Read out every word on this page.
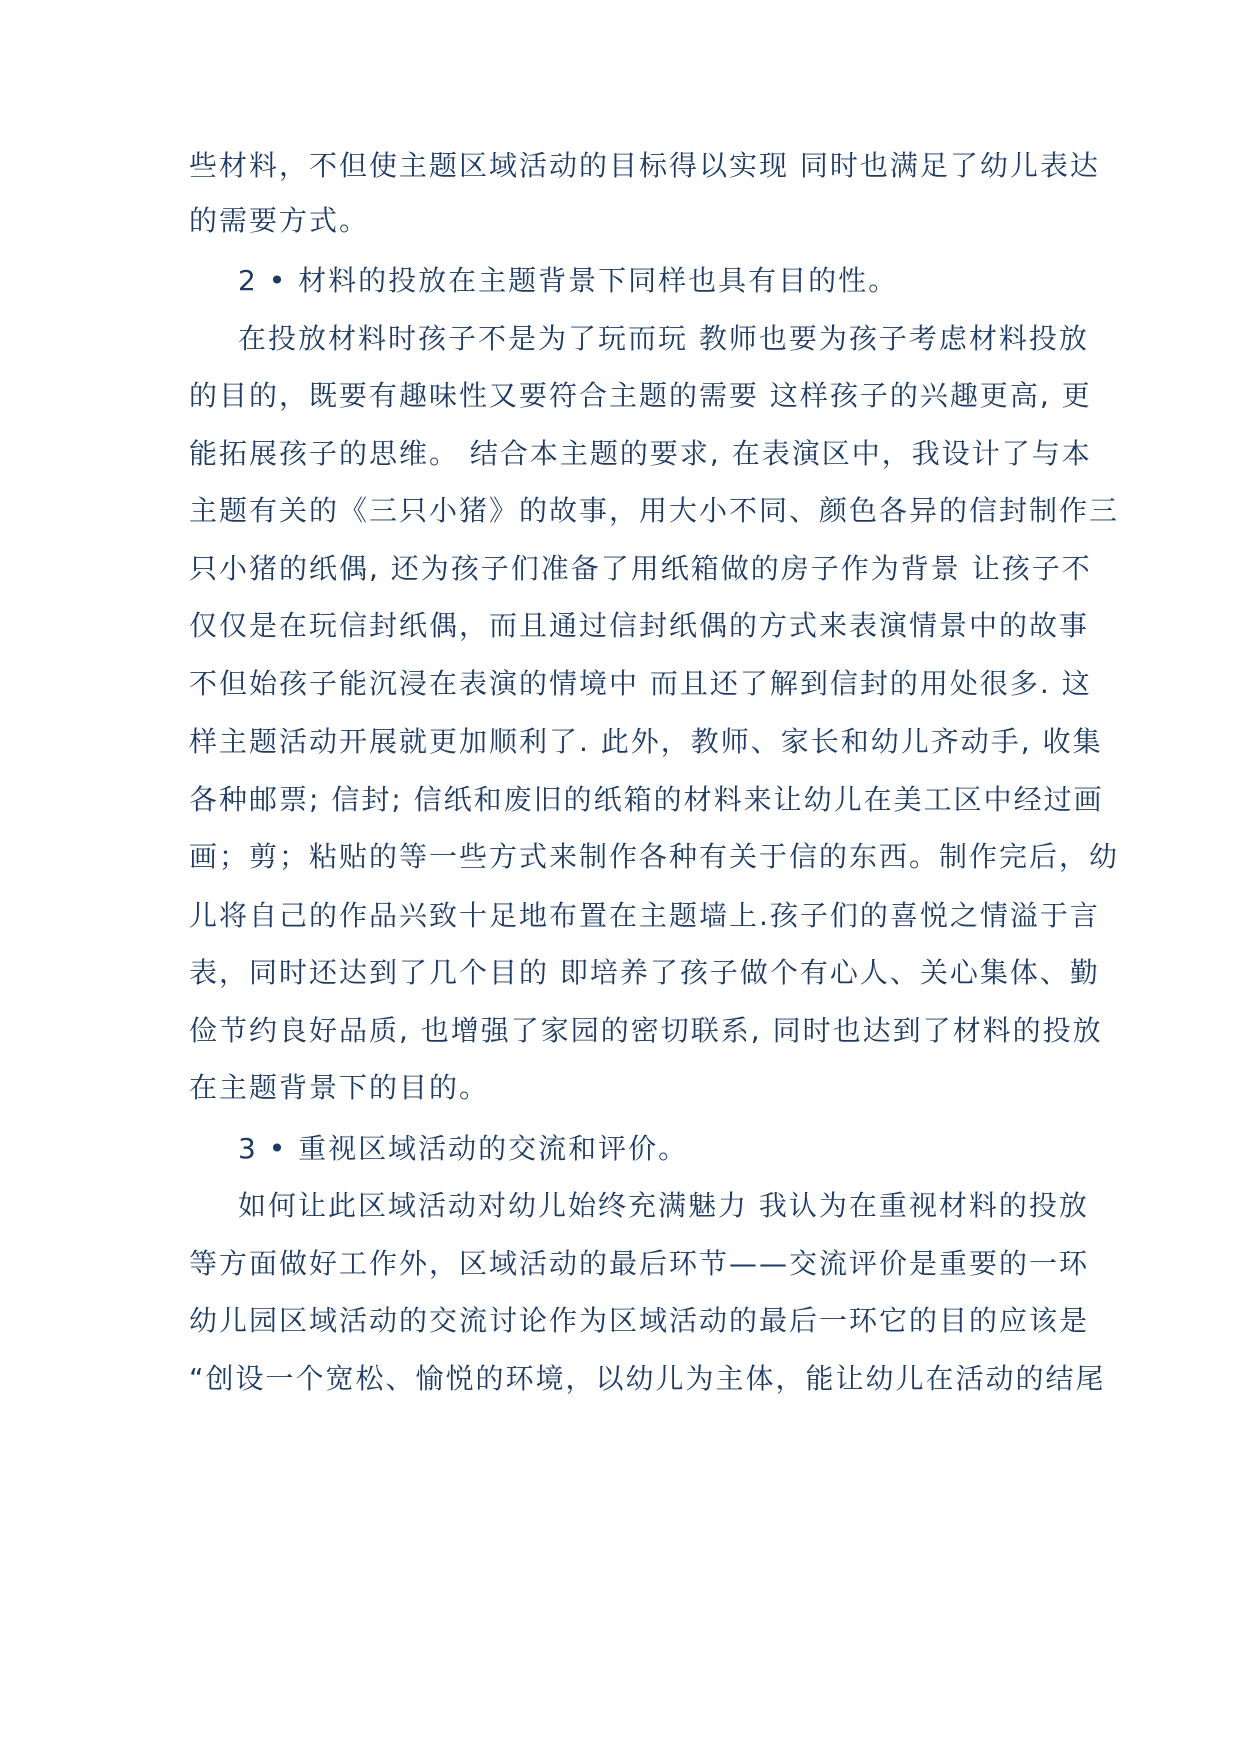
些材料，不但使主题区域活动的目标得以实现 同时也满足了幼儿表达
的需要方式。
2 • 材料的投放在主题背景下同样也具有目的性。
在投放材料时孩子不是为了玩而玩 教师也要为孩子考虑材料投放
的目的，既要有趣味性又要符合主题的需要 这样孩子的兴趣更高, 更
能拓展孩子的思维。 结合本主题的要求, 在表演区中，我设计了与本
主题有关的《三只小猪》的故事，用大小不同、颜色各异的信封制作三
只小猪的纸偶, 还为孩子们准备了用纸箱做的房子作为背景 让孩子不
仅仅是在玩信封纸偶，而且通过信封纸偶的方式来表演情景中的故事
不但始孩子能沉浸在表演的情境中 而且还了解到信封的用处很多. 这
样主题活动开展就更加顺利了. 此外，教师、家长和幼儿齐动手, 收集
各种邮票; 信封; 信纸和废旧的纸箱的材料来让幼儿在美工区中经过画
画；剪；粘贴的等一些方式来制作各种有关于信的东西。制作完后，幼
儿将自己的作品兴致十足地布置在主题墙上.孩子们的喜悦之情溢于言
表，同时还达到了几个目的 即培养了孩子做个有心人、关心集体、勤
俭节约良好品质, 也增强了家园的密切联系, 同时也达到了材料的投放
在主题背景下的目的。
3 • 重视区域活动的交流和评价。
如何让此区域活动对幼儿始终充满魅力 我认为在重视材料的投放
等方面做好工作外，区域活动的最后环节——交流评价是重要的一环
幼儿园区域活动的交流讨论作为区域活动的最后一环它的目的应该是
“创设一个宽松、愉悦的环境，以幼儿为主体，能让幼儿在活动的结尾
